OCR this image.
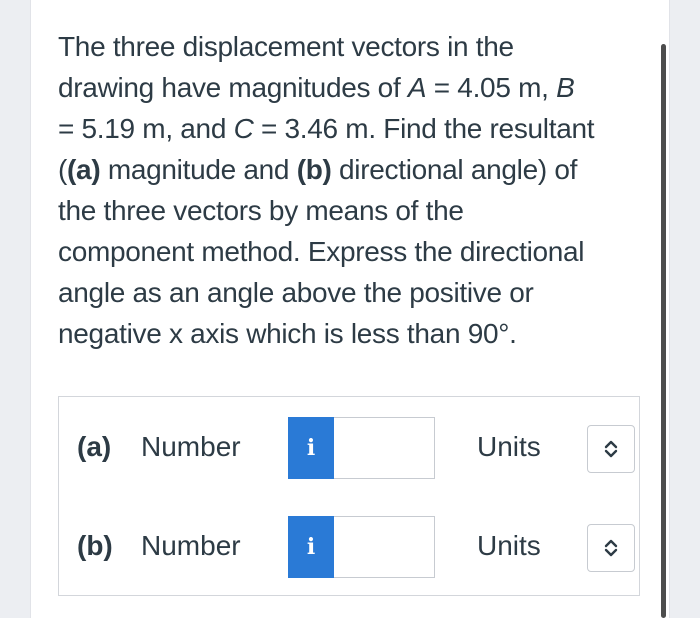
The three displacement vectors in the
drawing have magnitudes of A = 4.05 m, B
= 5.19 m, and C = 3.46 m. Find the resultant
((a) magnitude and (b) directional angle) of
the three vectors by means of the
component method. Express the directional
angle as an angle above the positive or
negative x axis which is less than 90°.
(a) Number	i	Units
(b) Number	i	Units
